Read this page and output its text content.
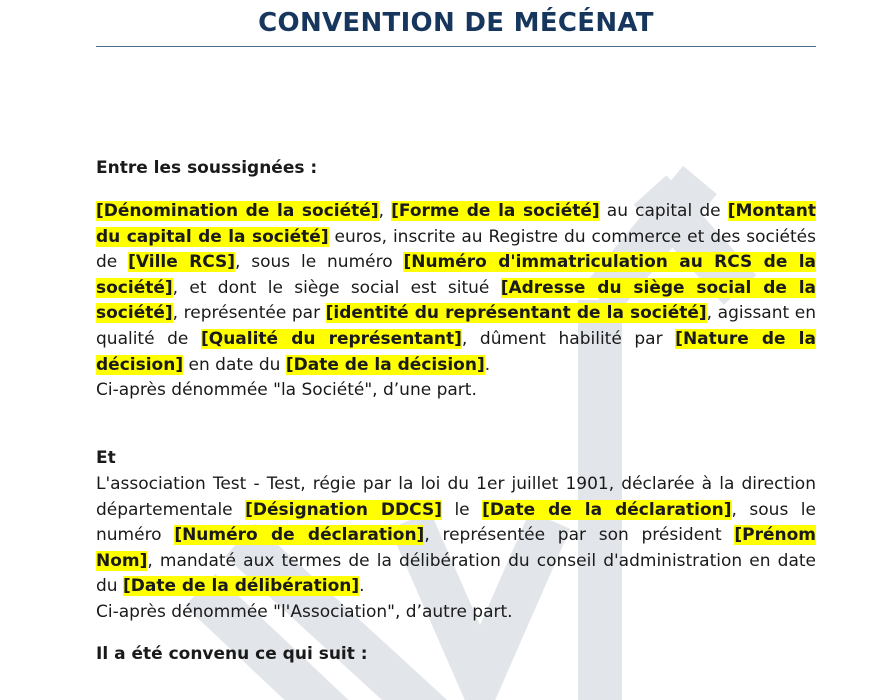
CONVENTION DE MÉCÉNAT

Entre les soussignées :

[Dénomination de la société], [Forme de la société] au capital de [Montant du capital de la société] euros, inscrite au Registre du commerce et des sociétés de [Ville RCS], sous le numéro [Numéro d'immatriculation au RCS de la société], et dont le siège social est situé [Adresse du siège social de la société], représentée par [identité du représentant de la société], agissant en qualité de [Qualité du représentant], dûment habilité par [Nature de la décision] en date du [Date de la décision].
Ci-après dénommée "la Société", d’une part.

Et

L'association Test - Test, régie par la loi du 1er juillet 1901, déclarée à la direction départementale [Désignation DDCS] le [Date de la déclaration], sous le numéro [Numéro de déclaration], représentée par son président [Prénom Nom], mandaté aux termes de la délibération du conseil d'administration en date du [Date de la délibération].
Ci-après dénommée "l'Association", d’autre part.

Il a été convenu ce qui suit :
